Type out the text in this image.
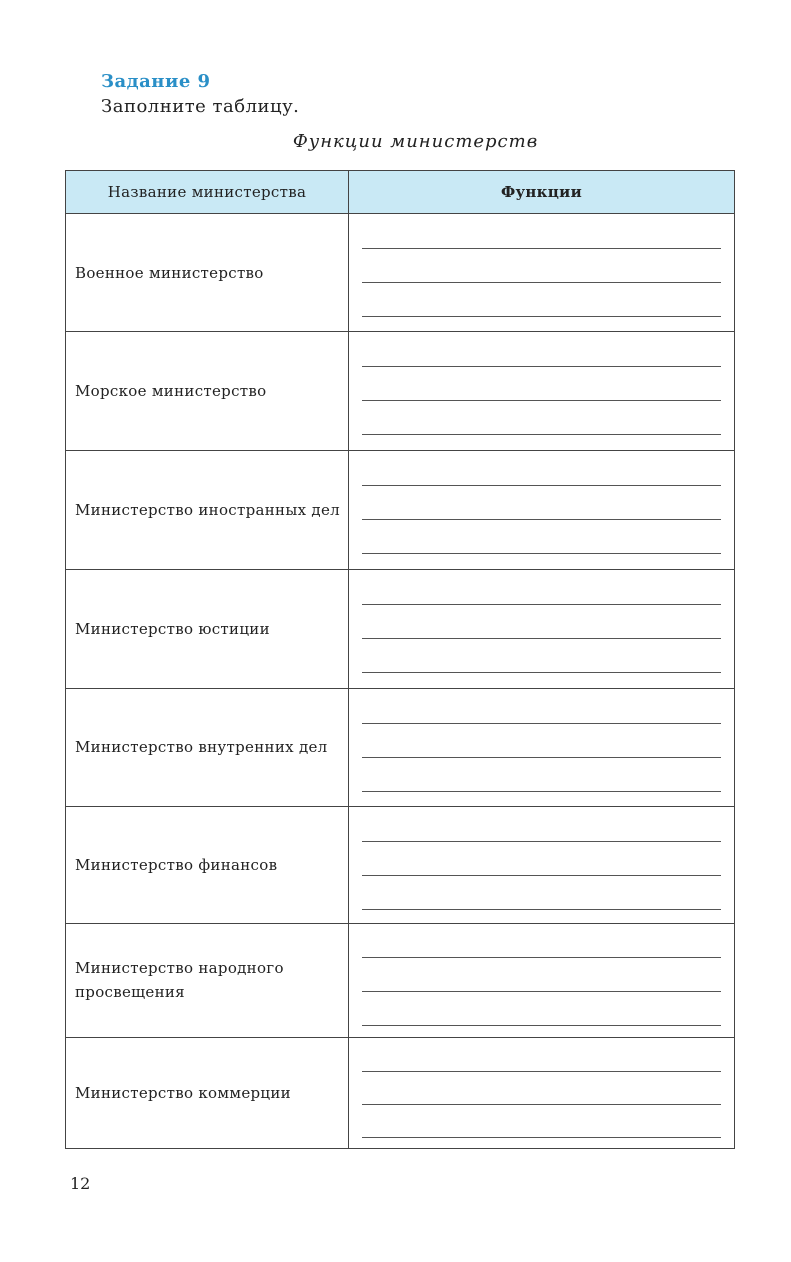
Задание 9
Заполните таблицу.
Функции министерств
Название министерства	Функции
Военное министерство	

Морское министерство	

Министерство иностранных дел	

Министерство юстиции	

Министерство внутренних дел	

Министерство финансов	

Министерство народного просвещения	

Министерство коммерции	
12
